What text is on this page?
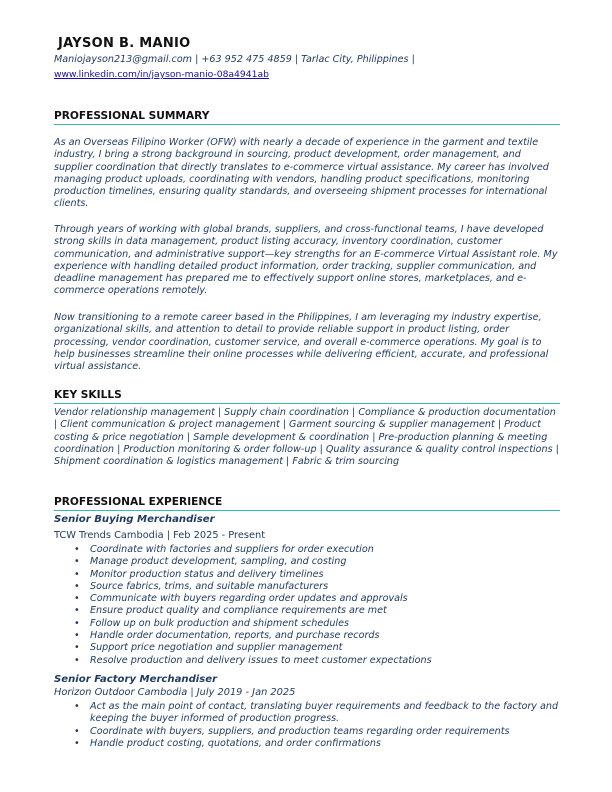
JAYSON B. MANIO
Maniojayson213@gmail.com | +63 952 475 4859 | Tarlac City, Philippines |
www.linkedin.com/in/jayson-manio-08a4941ab
PROFESSIONAL SUMMARY

As an Overseas Filipino Worker (OFW) with nearly a decade of experience in the garment and textile industry, I bring a strong background in sourcing, product development, order management, and supplier coordination that directly translates to e-commerce virtual assistance. My career has involved managing product uploads, coordinating with vendors, handling product specifications, monitoring production timelines, ensuring quality standards, and overseeing shipment processes for international clients.

Through years of working with global brands, suppliers, and cross-functional teams, I have developed strong skills in data management, product listing accuracy, inventory coordination, customer communication, and administrative support—key strengths for an E-commerce Virtual Assistant role. My experience with handling detailed product information, order tracking, supplier communication, and deadline management has prepared me to effectively support online stores, marketplaces, and e-commerce operations remotely.

Now transitioning to a remote career based in the Philippines, I am leveraging my industry expertise, organizational skills, and attention to detail to provide reliable support in product listing, order processing, vendor coordination, customer service, and overall e-commerce operations. My goal is to help businesses streamline their online processes while delivering efficient, accurate, and professional virtual assistance.

KEY SKILLS

Vendor relationship management | Supply chain coordination | Compliance & production documentation | Client communication & project management | Garment sourcing & supplier management | Product costing & price negotiation | Sample development & coordination | Pre-production planning & meeting coordination | Production monitoring & order follow-up | Quality assurance & quality control inspections | Shipment coordination & logistics management | Fabric & trim sourcing

PROFESSIONAL EXPERIENCE
Senior Buying Merchandiser
TCW Trends Cambodia | Feb 2025 - Present
• Coordinate with factories and suppliers for order execution
• Manage product development, sampling, and costing
• Monitor production status and delivery timelines
• Source fabrics, trims, and suitable manufacturers
• Communicate with buyers regarding order updates and approvals
• Ensure product quality and compliance requirements are met
• Follow up on bulk production and shipment schedules
• Handle order documentation, reports, and purchase records
• Support price negotiation and supplier management
• Resolve production and delivery issues to meet customer expectations
Senior Factory Merchandiser
Horizon Outdoor Cambodia | July 2019 - Jan 2025
• Act as the main point of contact, translating buyer requirements and feedback to the factory and keeping the buyer informed of production progress.
• Coordinate with buyers, suppliers, and production teams regarding order requirements
• Handle product costing, quotations, and order confirmations
